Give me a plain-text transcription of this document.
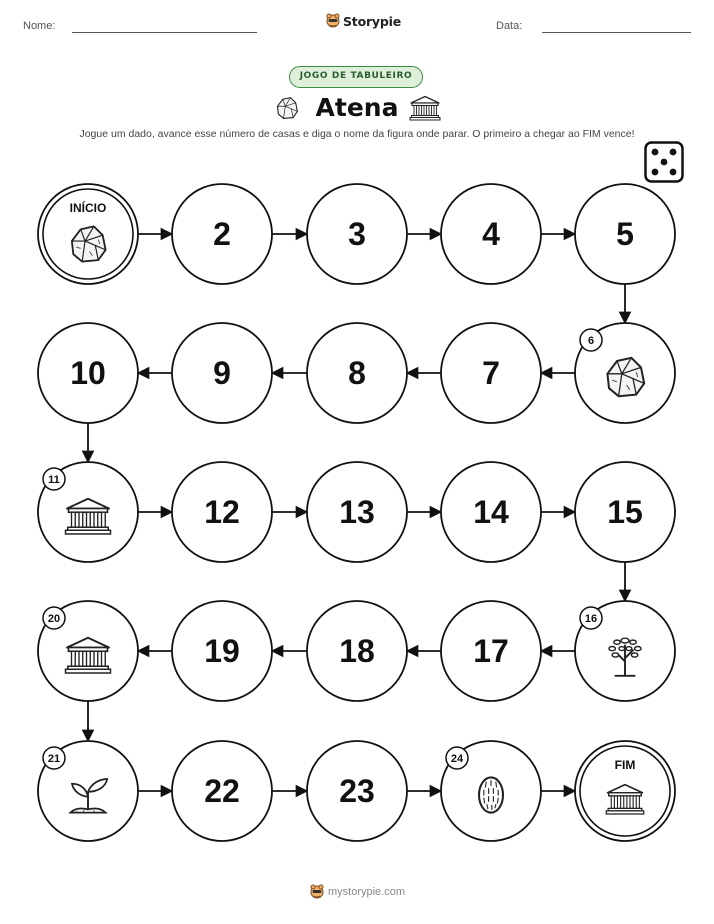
Nome:	Storypie	Data:
JOGO DE TABULEIRO
Atena
Jogue um dado, avance esse número de casas e diga o nome da figura onde parar. O primeiro a chegar ao FIM vence!
INÍCIO
2	3	4	5
6
7
8
9
10
11
12	13	14	15
16
17
18
19
20
21
22	23
24	FIM
mystorypie.com
